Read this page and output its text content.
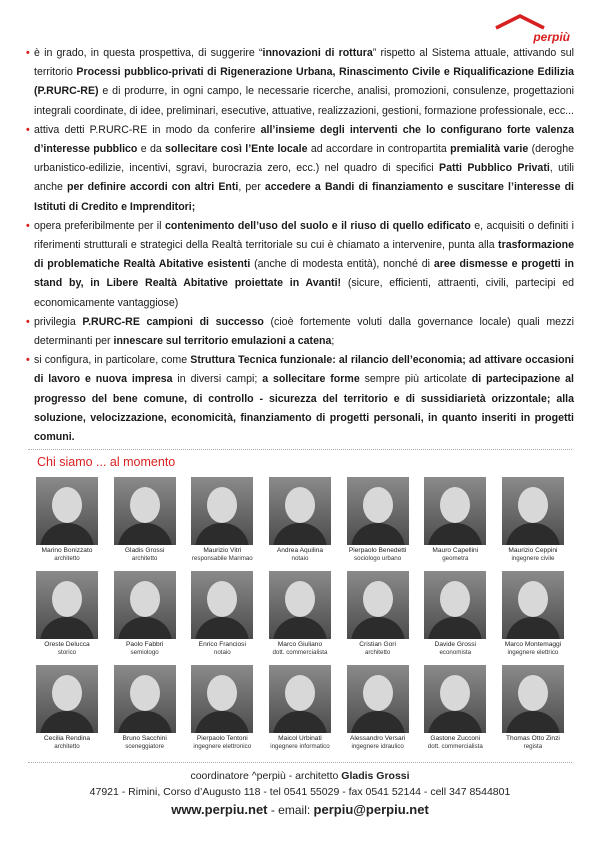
perpiù

• è in grado, in questa prospettiva, di suggerire “innovazioni di rottura” rispetto al Sistema attuale, attivando sul territorio Processi pubblico-privati di Rigenerazione Urbana, Rinascimento Civile e Riqualificazione Edilizia (P.RURC-RE) e di produrre, in ogni campo, le necessarie ricerche, analisi, promozioni, consulenze, progettazioni integrali coordinate, di idee, preliminari, esecutive, attuative, realizzazioni, gestioni, formazione professionale, ecc...

• attiva detti P.RURC-RE in modo da conferire all’insieme degli interventi che lo configurano forte valenza d’interesse pubblico e da sollecitare così l’Ente locale ad accordare in contropartita premialità varie (deroghe urbanistico-edilizie, incentivi, sgravi, burocrazia zero, ecc.) nel quadro di specifici Patti Pubblico Privati, utili anche per definire accordi con altri Enti, per accedere a Bandi di finanziamento e suscitare l’interesse di Istituti di Credito e Imprenditori;

• opera preferibilmente per il contenimento dell’uso del suolo e il riuso di quello edificato e, acquisiti o definiti i riferimenti strutturali e strategici della Realtà territoriale su cui è chiamato a intervenire, punta alla trasformazione di problematiche Realtà Abitative esistenti (anche di modesta entità), nonché di aree dismesse e progetti in stand by, in Libere Realtà Abitative proiettate in Avanti! (sicure, efficienti, attraenti, civili, partecipi ed economicamente vantaggiose)

• privilegia P.RURC-RE campioni di successo (cioè fortemente voluti dalla governance locale) quali mezzi determinanti per innescare sul territorio emulazioni a catena;

• si configura, in particolare, come Struttura Tecnica funzionale: al rilancio dell’economia; ad attivare occasioni di lavoro e nuova impresa in diversi campi; a sollecitare forme sempre più articolate di partecipazione al progresso del bene comune, di controllo - sicurezza del territorio e di sussidiarietà orizzontale; alla soluzione, velocizzazione, economicità, finanziamento di progetti personali, in quanto inseriti in progetti comuni.

Chi siamo ... al momento
Marino Bonizzato
architetto
Gladis Grossi
architetto
Maurizio Vitri
responsabile Marimao
Andrea Aquilina
notaio
Pierpaolo Benedetti
sociologo urbano
Mauro Capellini
geometra
Maurizio Ceppini
ingegnere civile
Oreste Delucca
storico
Paolo Fabbri
semiologo
Enrico Franciosi
notaio
Marco Giuliano
dott. commercialista
Cristian Gori
architetto
Davide Grossi
economista
Marco Montemaggi
ingegnere elettrico
Cecilia Rendina
architetto
Bruno Sacchini
sceneggiatore
Pierpaolo Tentoni
ingegnere elettronico
Maicol Urbinati
ingegnere informatico
Alessandro Versari
ingegnere idraulico
Gastone Zucconi
dott. commercialista
Thomas Otto Zinzi
regista
coordinatore ^perpiù - architetto Gladis Grossi
47921 - Rimini, Corso d’Augusto 118 - tel 0541 55029 - fax 0541 52144 - cell 347 8544801
www.perpiu.net - email: perpiu@perpiu.net
